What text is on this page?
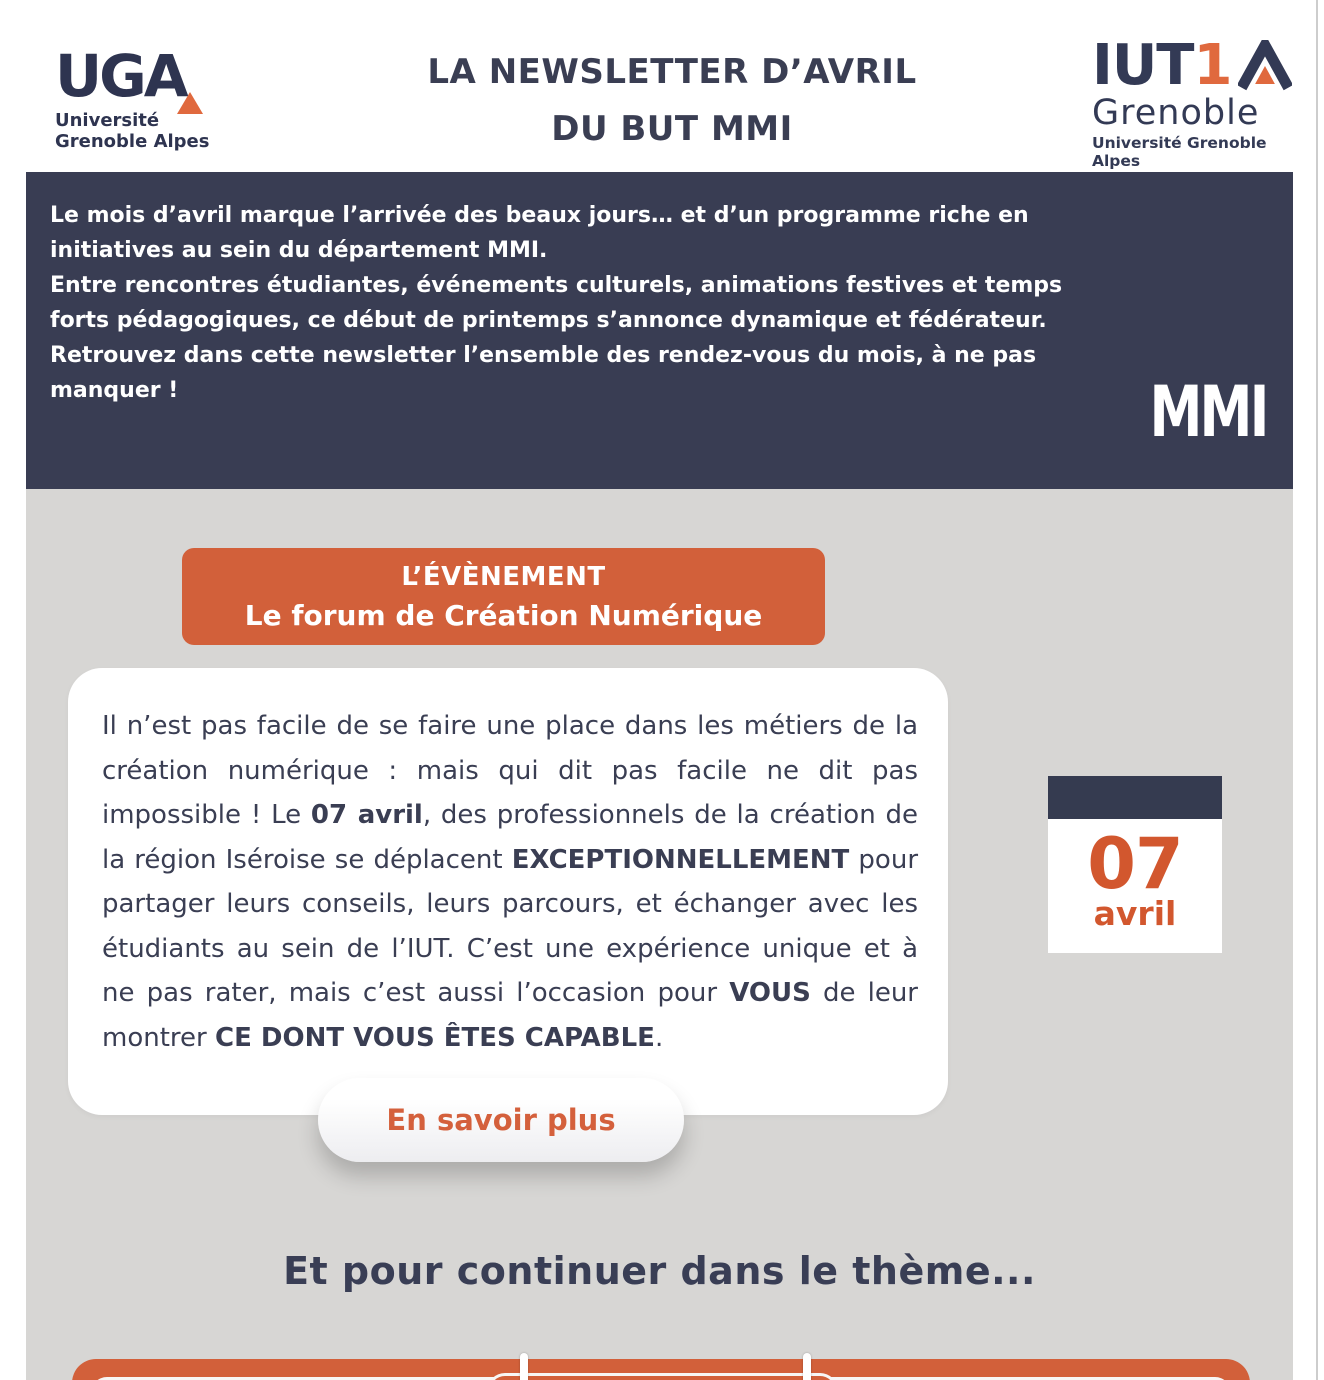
UGA
Université
Grenoble Alpes
LA NEWSLETTER D’AVRIL
DU BUT MMI
IUT 1
Grenoble
Université Grenoble Alpes

Le mois d’avril marque l’arrivée des beaux jours… et d’un programme riche en initiatives au sein du département MMI.

Entre rencontres étudiantes, événements culturels, animations festives et temps forts pédagogiques, ce début de printemps s’annonce dynamique et fédérateur.

Retrouvez dans cette newsletter l’ensemble des rendez-vous du mois, à ne pas manquer !	MMI
L’ÉVÈNEMENT
Le forum de Création Numérique

Il n’est pas facile de se faire une place dans les métiers de la création numérique : mais qui dit pas facile ne dit pas impossible ! Le 07 avril, des professionnels de la création de la région Iséroise se déplacent EXCEPTIONNELLEMENT pour partager leurs conseils, leurs parcours, et échanger avec les étudiants au sein de l’IUT. C’est une expérience unique et à ne pas rater, mais c’est aussi l’occasion pour VOUS de leur montrer CE DONT VOUS ÊTES CAPABLE.

07
avril
En savoir plus
Et pour continuer dans le thème...
